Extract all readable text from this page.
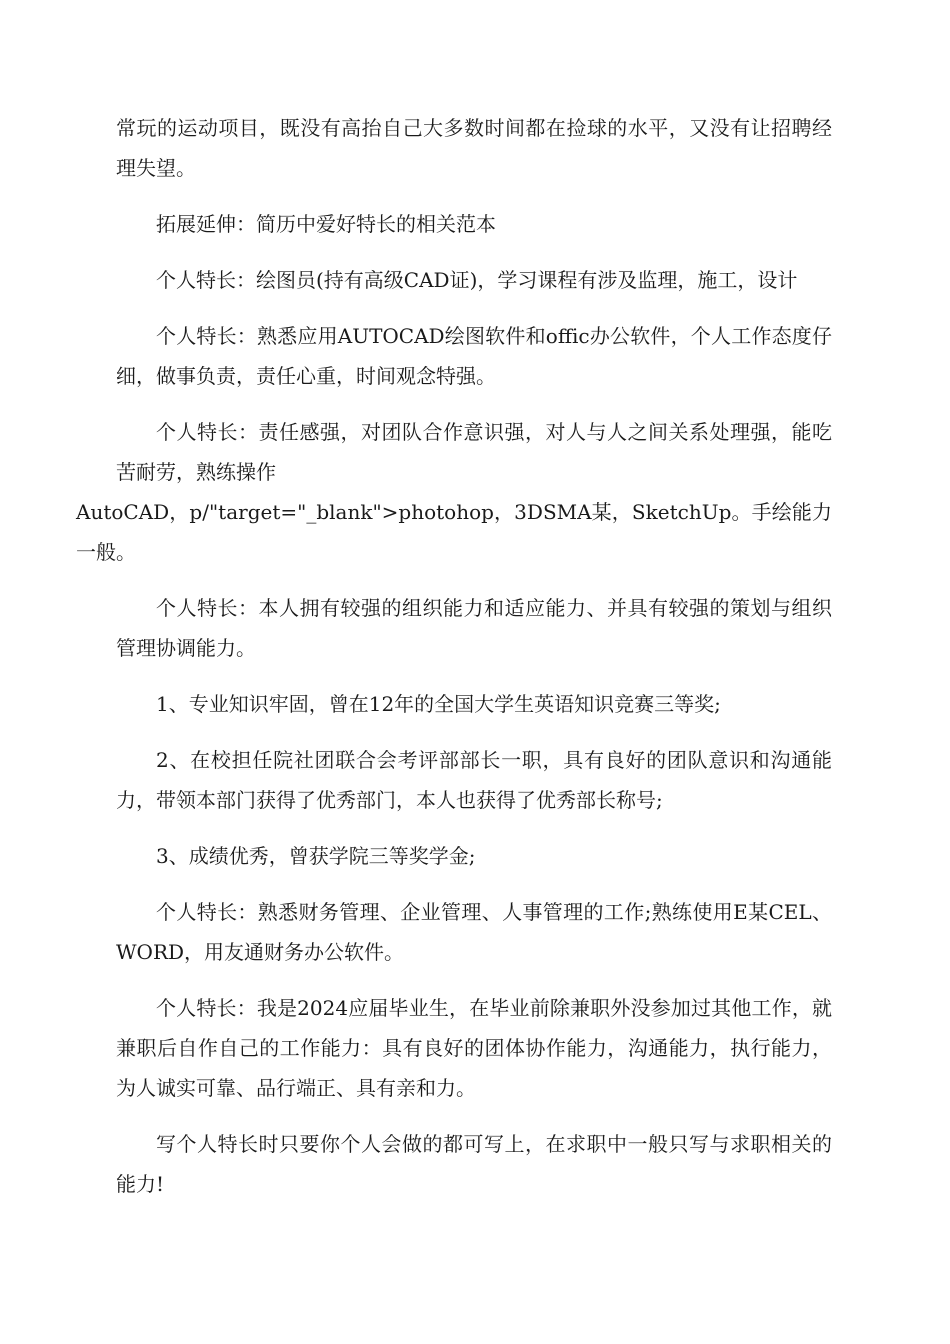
常玩的运动项目，既没有高抬自己大多数时间都在捡球的水平，又没有让招聘经理失望。

拓展延伸：简历中爱好特长的相关范本

个人特长：绘图员(持有高级CAD证)，学习课程有涉及监理，施工，设计

个人特长：熟悉应用AUTOCAD绘图软件和offic办公软件，个人工作态度仔细，做事负责，责任心重，时间观念特强。

个人特长：责任感强，对团队合作意识强，对人与人之间关系处理强，能吃苦耐劳，熟练操作
AutoCAD，p/"target="_blank">photohop，3DSMA某，SketchUp。手绘能力一般。

个人特长：本人拥有较强的组织能力和适应能力、并具有较强的策划与组织管理协调能力。

1、专业知识牢固，曾在12年的全国大学生英语知识竞赛三等奖;

2、在校担任院社团联合会考评部部长一职，具有良好的团队意识和沟通能力，带领本部门获得了优秀部门，本人也获得了优秀部长称号;

3、成绩优秀，曾获学院三等奖学金;

个人特长：熟悉财务管理、企业管理、人事管理的工作;熟练使用E某CEL、WORD，用友通财务办公软件。

个人特长：我是2024应届毕业生，在毕业前除兼职外没参加过其他工作，就兼职后自作自己的工作能力：具有良好的团体协作能力，沟通能力，执行能力，为人诚实可靠、品行端正、具有亲和力。

写个人特长时只要你个人会做的都可写上，在求职中一般只写与求职相关的能力!
